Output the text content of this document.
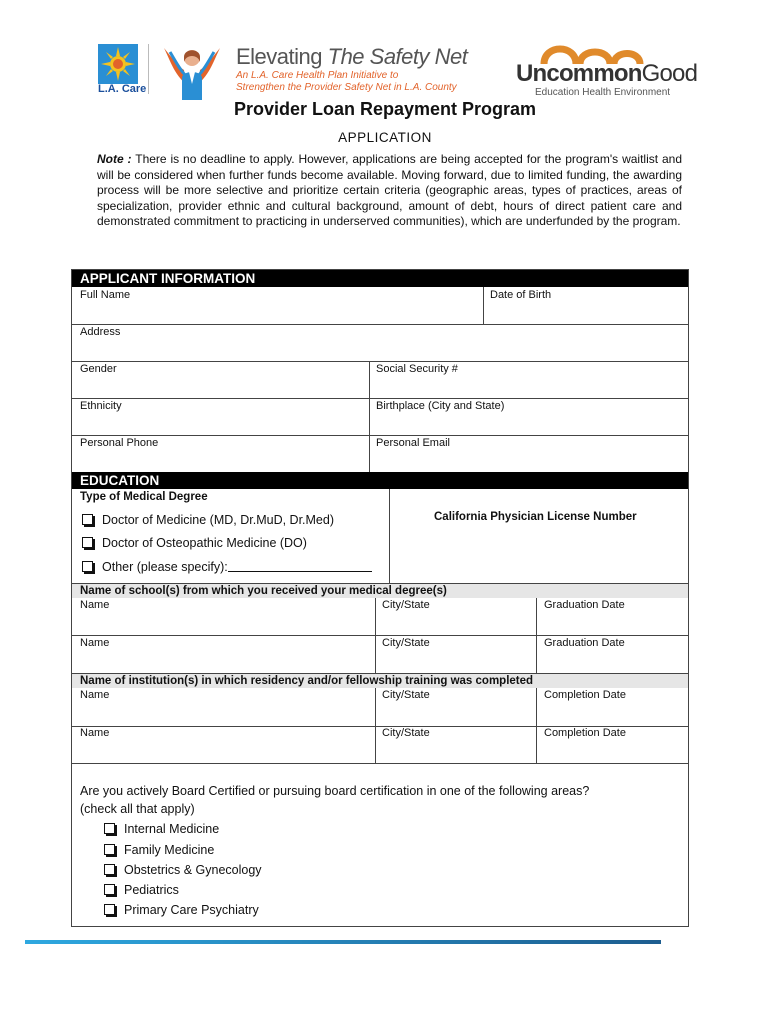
L.A. Care
Elevating The Safety Net
An L.A. Care Health Plan Initiative to
Strengthen the Provider Safety Net in L.A. County
UncommonGood
Education Health Environment
Provider Loan Repayment Program
APPLICATION
Note : There is no deadline to apply. However, applications are being accepted for the program's waitlist and will be considered when further funds become available. Moving forward, due to limited funding, the awarding process will be more selective and prioritize certain criteria (geographic areas, types of practices, areas of specialization, provider ethnic and cultural background, amount of debt, hours of direct patient care and demonstrated commitment to practicing in underserved communities), which are underfunded by the program.
APPLICANT INFORMATION
Full Name	Date of Birth
Address
Gender	Social Security #
Ethnicity	Birthplace (City and State)
Personal Phone	Personal Email
EDUCATION
Type of Medical Degree
California Physician License Number
Doctor of Medicine (MD, Dr.MuD, Dr.Med)
Doctor of Osteopathic Medicine (DO)
Other (please specify):
Name of school(s) from which you received your medical degree(s)
Name	City/State	Graduation Date
Name	City/State	Graduation Date
Name of institution(s) in which residency and/or fellowship training was completed
Name	City/State	Completion Date
Name	City/State	Completion Date
Are you actively Board Certified or pursuing board certification in one of the following areas?
(check all that apply)
Internal Medicine
Family Medicine
Obstetrics & Gynecology
Pediatrics
Primary Care Psychiatry
